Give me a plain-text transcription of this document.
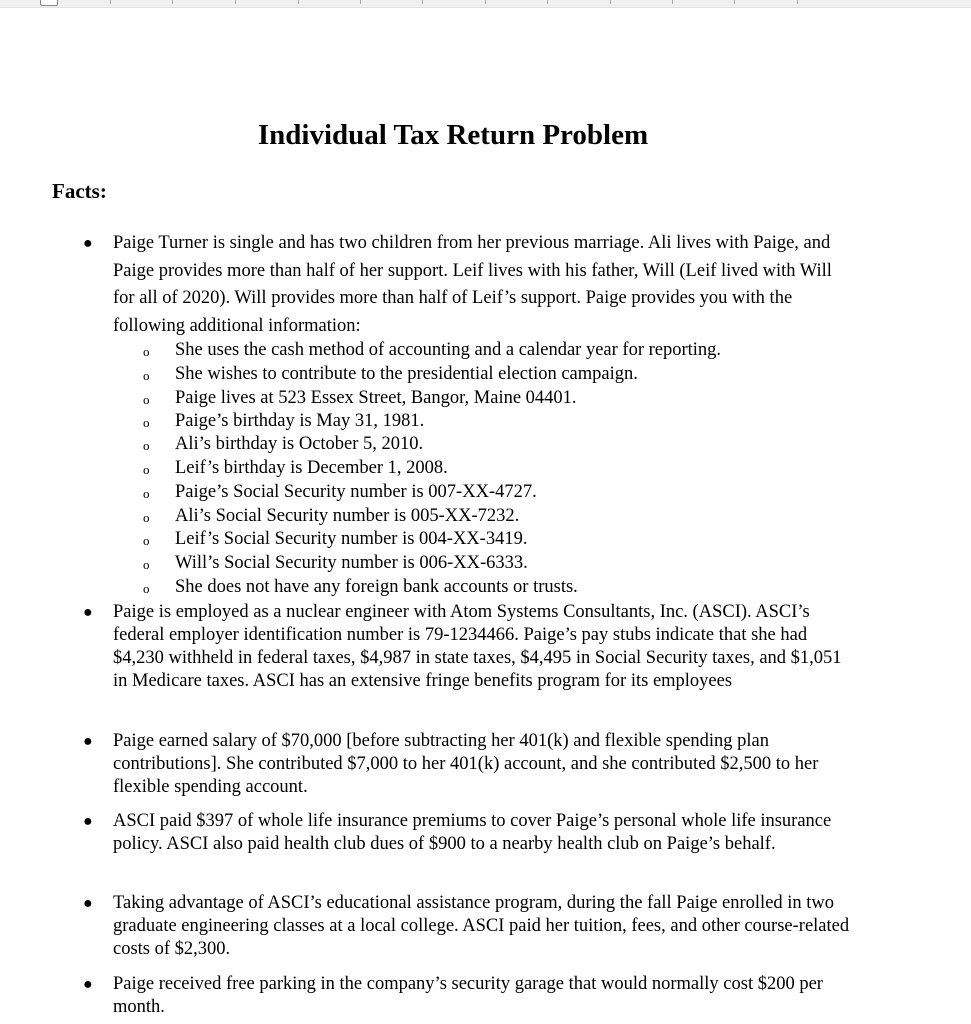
Individual Tax Return Problem
Facts:
● Paige Turner is single and has two children from her previous marriage. Ali lives with Paige, and Paige provides more than half of her support. Leif lives with his father, Will (Leif lived with Will for all of 2020). Will provides more than half of Leif’s support. Paige provides you with the following additional information:
o She uses the cash method of accounting and a calendar year for reporting.
o She wishes to contribute to the presidential election campaign.
o Paige lives at 523 Essex Street, Bangor, Maine 04401.
o Paige’s birthday is May 31, 1981.
o Ali’s birthday is October 5, 2010.
o Leif’s birthday is December 1, 2008.
o Paige’s Social Security number is 007-XX-4727.
o Ali’s Social Security number is 005-XX-7232.
o Leif’s Social Security number is 004-XX-3419.
o Will’s Social Security number is 006-XX-6333.
o She does not have any foreign bank accounts or trusts.
● Paige is employed as a nuclear engineer with Atom Systems Consultants, Inc. (ASCI). ASCI’s federal employer identification number is 79-1234466. Paige’s pay stubs indicate that she had $4,230 withheld in federal taxes, $4,987 in state taxes, $4,495 in Social Security taxes, and $1,051 in Medicare taxes. ASCI has an extensive fringe benefits program for its employees
● Paige earned salary of $70,000 [before subtracting her 401(k) and flexible spending plan contributions]. She contributed $7,000 to her 401(k) account, and she contributed $2,500 to her flexible spending account.
● ASCI paid $397 of whole life insurance premiums to cover Paige’s personal whole life insurance policy. ASCI also paid health club dues of $900 to a nearby health club on Paige’s behalf.
● Taking advantage of ASCI’s educational assistance program, during the fall Paige enrolled in two graduate engineering classes at a local college. ASCI paid her tuition, fees, and other course-related costs of $2,300.
● Paige received free parking in the company’s security garage that would normally cost $200 per month.
